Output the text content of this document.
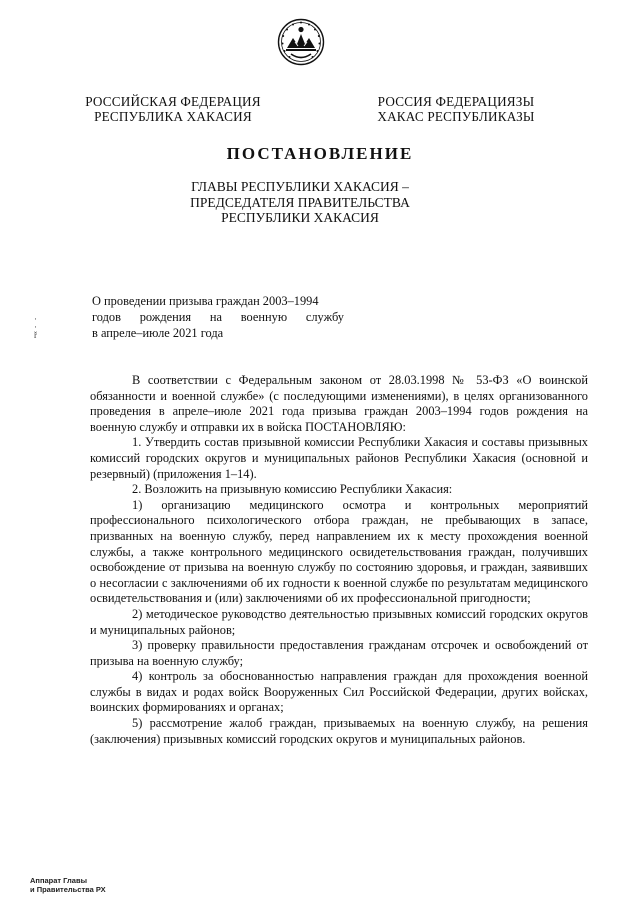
РОССИЙСКАЯ ФЕДЕРАЦИЯ
РЕСПУБЛИКА ХАКАСИЯ
РОССИЯ ФЕДЕРАЦИЯЗЫ
ХАКАС РЕСПУБЛИКАЗЫ
ПОСТАНОВЛЕНИЕ
ГЛАВЫ РЕСПУБЛИКИ ХАКАСИЯ –
ПРЕДСЕДАТЕЛЯ ПРАВИТЕЛЬСТВА
РЕСПУБЛИКИ ХАКАСИЯ
О проведении призыва граждан 2003–1994
годов рождения на военную службу
в апреле–июле 2021 года
·
·
ř

В соответствии с Федеральным законом от 28.03.1998 № 53-ФЗ «О воинской обязанности и военной службе» (с последующими изменениями), в целях организованного проведения в апреле–июле 2021 года призыва граждан 2003–1994 годов рождения на военную службу и отправки их в войска ПОСТАНОВЛЯЮ:

1. Утвердить состав призывной комиссии Республики Хакасия и составы призывных комиссий городских округов и муниципальных районов Республики Хакасия (основной и резервный) (приложения 1–14).

2. Возложить на призывную комиссию Республики Хакасия:

1) организацию медицинского осмотра и контрольных мероприятий профессионального психологического отбора граждан, не пребывающих в запасе, призванных на военную службу, перед направлением их к месту прохождения военной службы, а также контрольного медицинского освидетельствования граждан, получивших освобождение от призыва на военную службу по состоянию здоровья, и граждан, заявивших о несогласии с заключениями об их годности к военной службе по результатам медицинского освидетельствования и (или) заключениями об их профессиональной пригодности;

2) методическое руководство деятельностью призывных комиссий городских округов и муниципальных районов;

3) проверку правильности предоставления гражданам отсрочек и освобождений от призыва на военную службу;

4) контроль за обоснованностью направления граждан для прохождения военной службы в видах и родах войск Вооруженных Сил Российской Федерации, других войсках, воинских формированиях и органах;

5) рассмотрение жалоб граждан, призываемых на военную службу, на решения (заключения) призывных комиссий городских округов и муниципальных районов.

Аппарат Главы
и Правительства РХ
